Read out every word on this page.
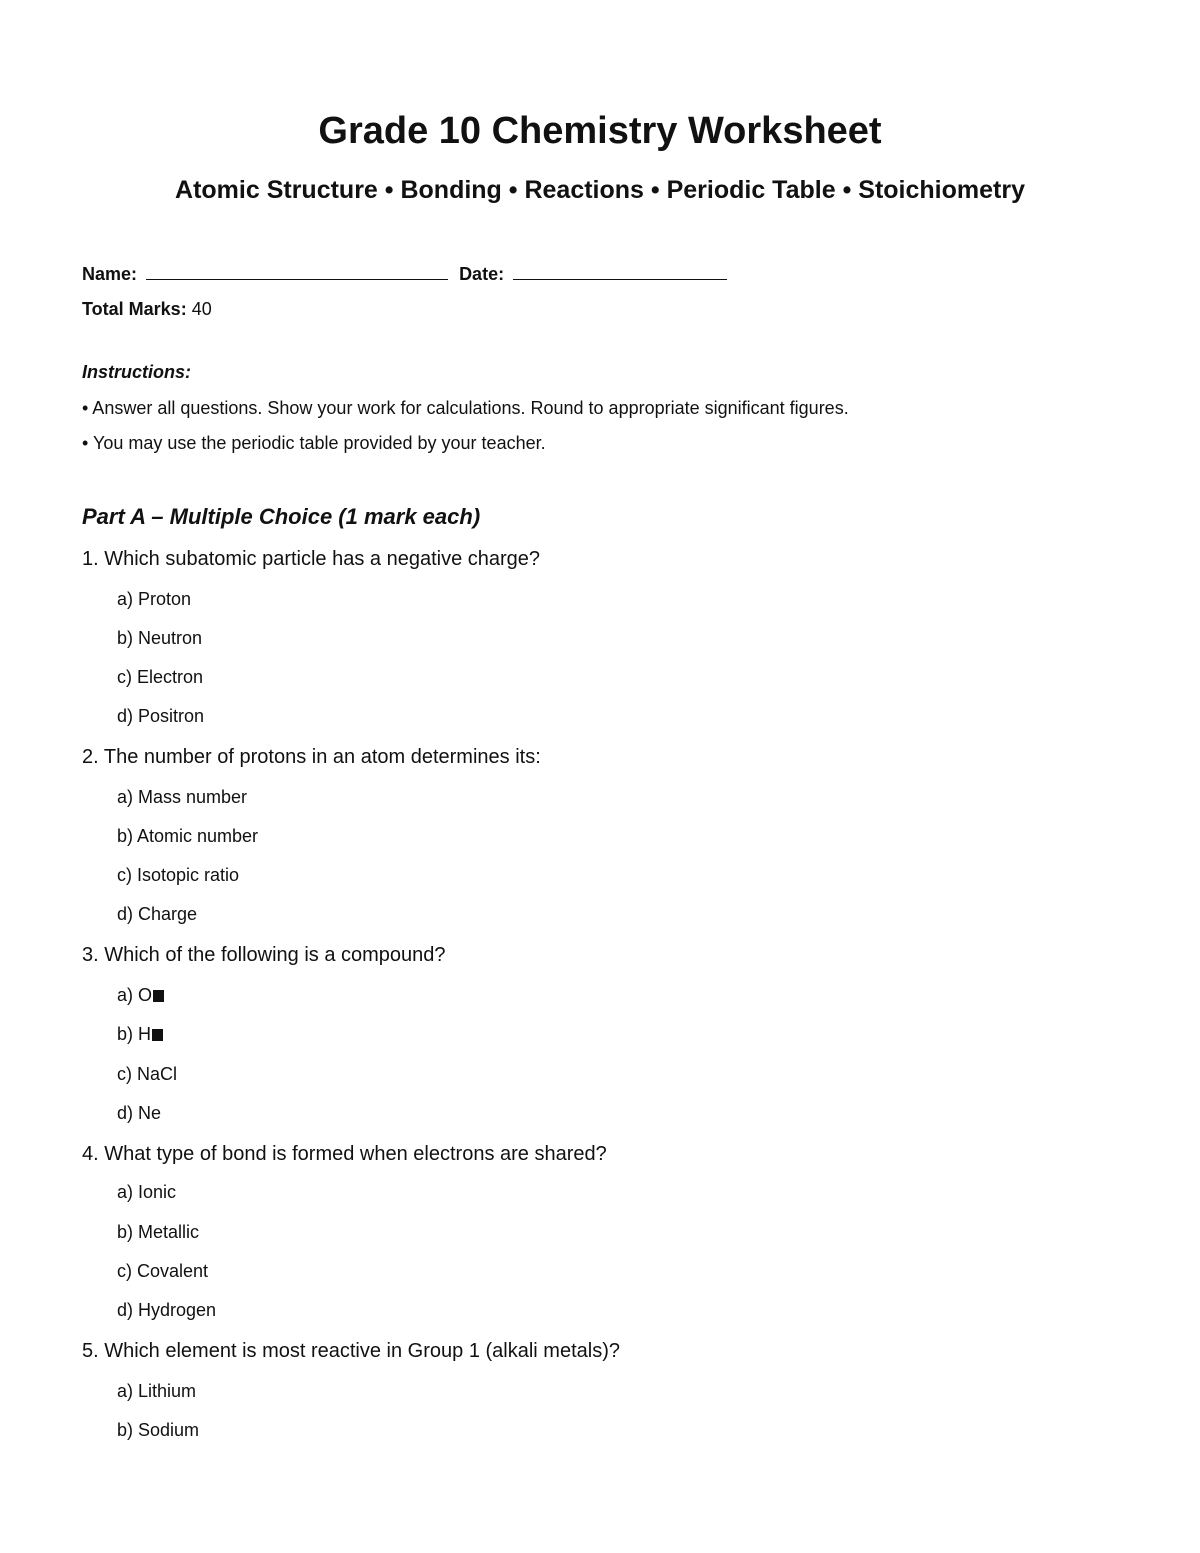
Grade 10 Chemistry Worksheet
Atomic Structure • Bonding • Reactions • Periodic Table • Stoichiometry
Name:	Date:
Total Marks: 40
Instructions:
• Answer all questions. Show your work for calculations. Round to appropriate significant figures.
• You may use the periodic table provided by your teacher.
Part A – Multiple Choice (1 mark each)
1. Which subatomic particle has a negative charge?
a) Proton
b) Neutron
c) Electron
d) Positron
2. The number of protons in an atom determines its:
a) Mass number
b) Atomic number
c) Isotopic ratio
d) Charge
3. Which of the following is a compound?
a) O
b) H
c) NaCl
d) Ne
4. What type of bond is formed when electrons are shared?
a) Ionic
b) Metallic
c) Covalent
d) Hydrogen
5. Which element is most reactive in Group 1 (alkali metals)?
a) Lithium
b) Sodium
